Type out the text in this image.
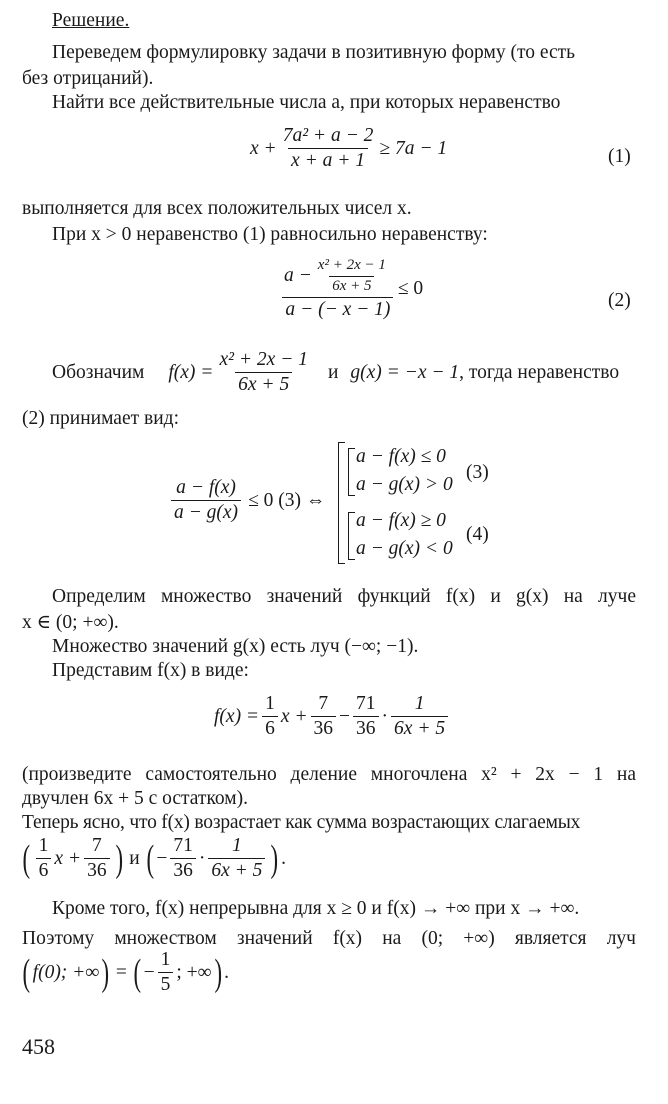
Решение.
Переведем формулировку задачи в позитивную форму (то есть
без отрицаний).
Найти все действительные числа a, при которых неравенство
$x + \frac{\text{7a² + a − 2}}{x + a + 1} \ge 7a - 1$	(1)
выполняется для всех положительных чисел x.
При x > 0 неравенство (1) равносильно неравенству:
$\frac{a - \frac{\text{x² + 2x − 1}}{6x + 5}}{a - (- x - 1)} \le 0$
(2)
Обозначим $f(x) = \frac{\text{x² + 2x − 1}}{6x + 5}$ и g(x) = −x − 1 , тогда неравенство
(2) принимает вид:
$\frac{a - f(x)}{a - g(x)} \le 0$ (3) ⇔
a − f(x) ≤ 0
a − g(x) > 0
(3)
a − f(x) ≥ 0
a − g(x) < 0
(4)
Определим множество значений функций f(x) и g(x) на луче
x ∈ (0; +∞).
Множество значений g(x) есть луч (−∞; −1).
Представим f(x) в виде:
$f(x) = \frac{1}{6}$ $x + \frac{7}{36} - \frac{71}{36} \cdot \frac{1}{6x + 5}$
(произведите самостоятельно деление многочлена x² + 2x − 1 на
двучлен 6x + 5 с остатком).
Теперь ясно, что f(x) возрастает как сумма возрастающих слагаемых
( $\frac{1}{6}$ $x + \frac{7}{36}$ ) и ( − $\frac{71}{36} \cdot \frac{1}{6x + 5}$ ) .
Кроме того, f(x) непрерывна для x ≥ 0 и f(x) → +∞ при x → +∞.
Поэтому множеством значений f(x) на (0; +∞) является луч
( f(0); +∞ ) = ( − $\frac{1}{5}$ ; +∞ ) .
458
